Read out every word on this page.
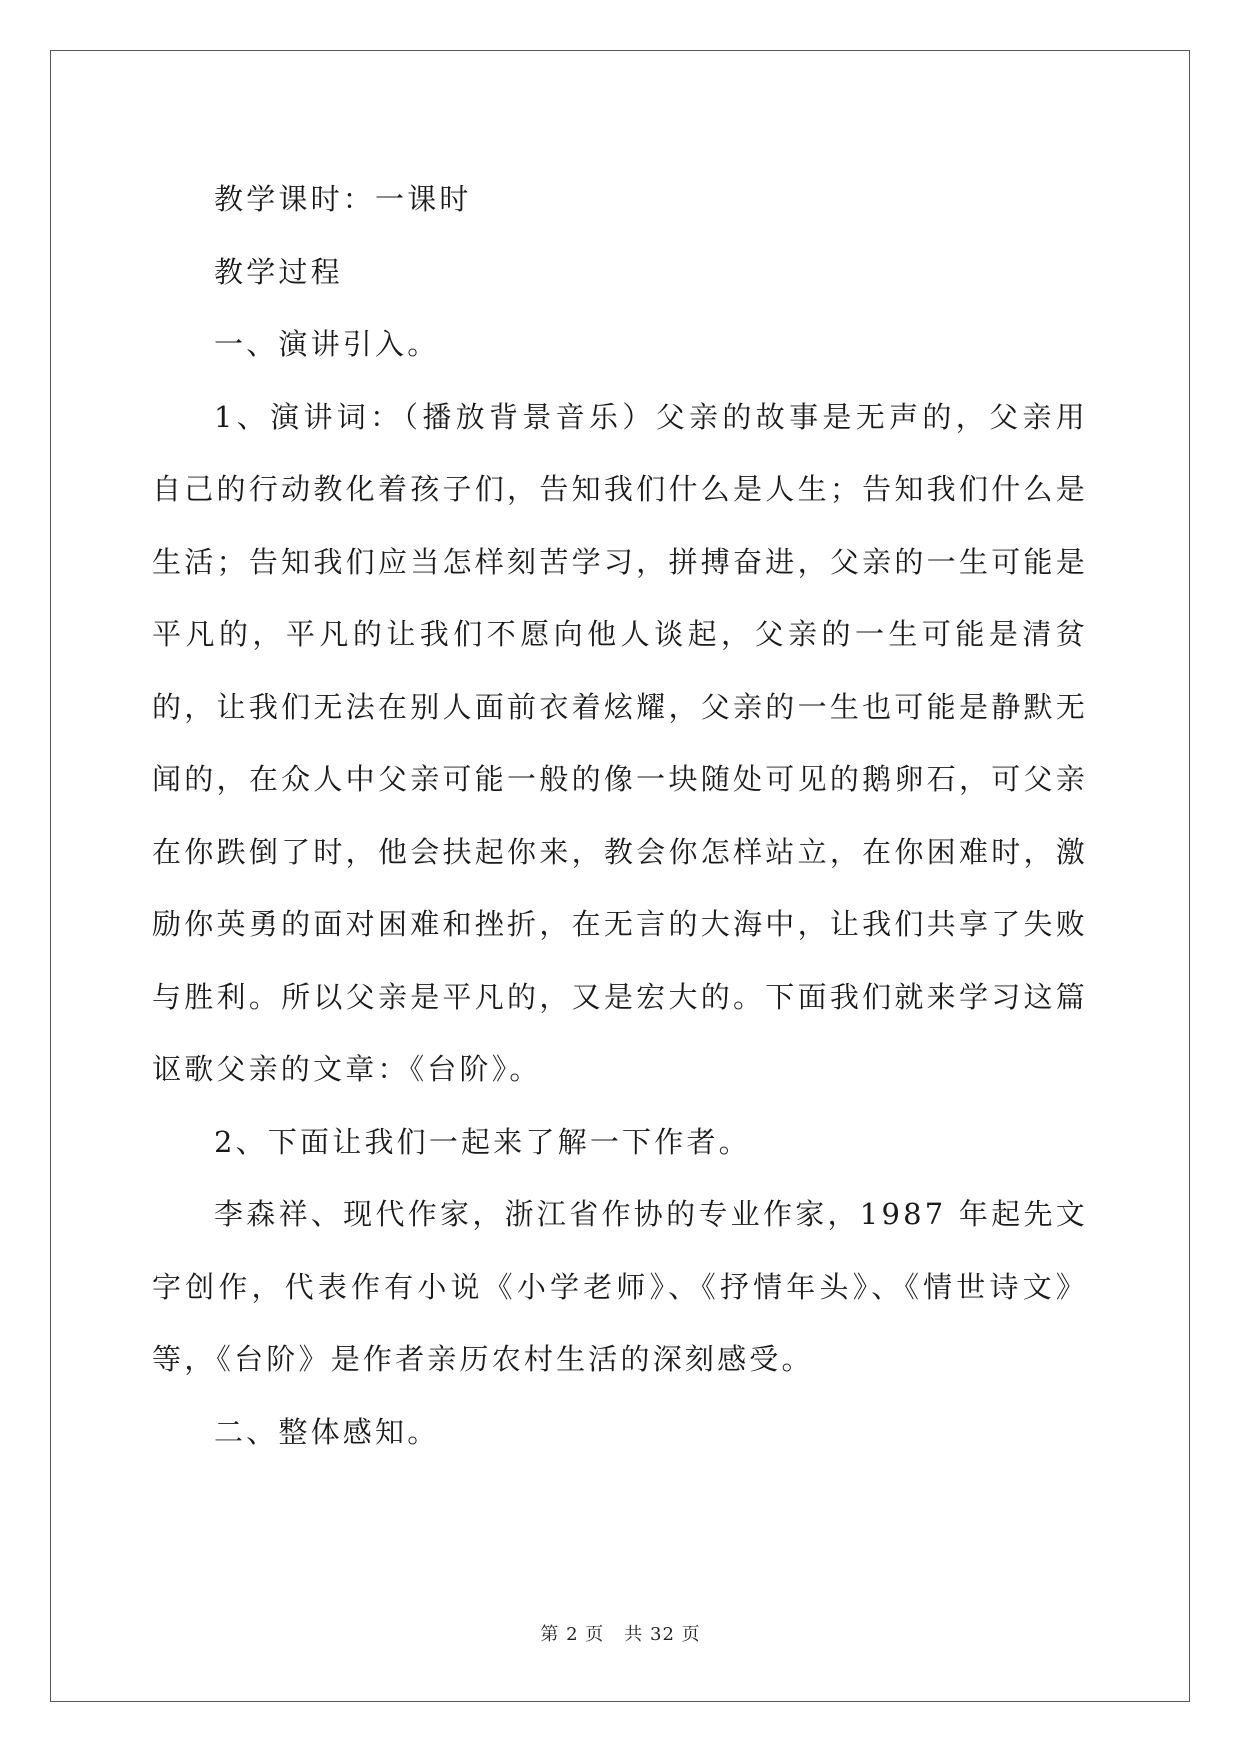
教学课时：一课时

教学过程

一、演讲引入。

1、演讲词：（播放背景音乐）父亲的故事是无声的，父亲用自己的行动教化着孩子们，告知我们什么是人生；告知我们什么是生活；告知我们应当怎样刻苦学习，拼搏奋进，父亲的一生可能是平凡的，平凡的让我们不愿向他人谈起，父亲的一生可能是清贫的，让我们无法在别人面前衣着炫耀，父亲的一生也可能是静默无闻的，在众人中父亲可能一般的像一块随处可见的鹅卵石，可父亲在你跌倒了时，他会扶起你来，教会你怎样站立，在你困难时，激励你英勇的面对困难和挫折，在无言的大海中，让我们共享了失败与胜利。所以父亲是平凡的，又是宏大的。下面我们就来学习这篇讴歌父亲的文章：《台阶》。

2、下面让我们一起来了解一下作者。

李森祥、现代作家，浙江省作协的专业作家，1987 年起先文字创作，代表作有小说《小学老师》、《抒情年头》、《情世诗文》等，《台阶》是作者亲历农村生活的深刻感受。

二、整体感知。

第 2 页 共 32 页
